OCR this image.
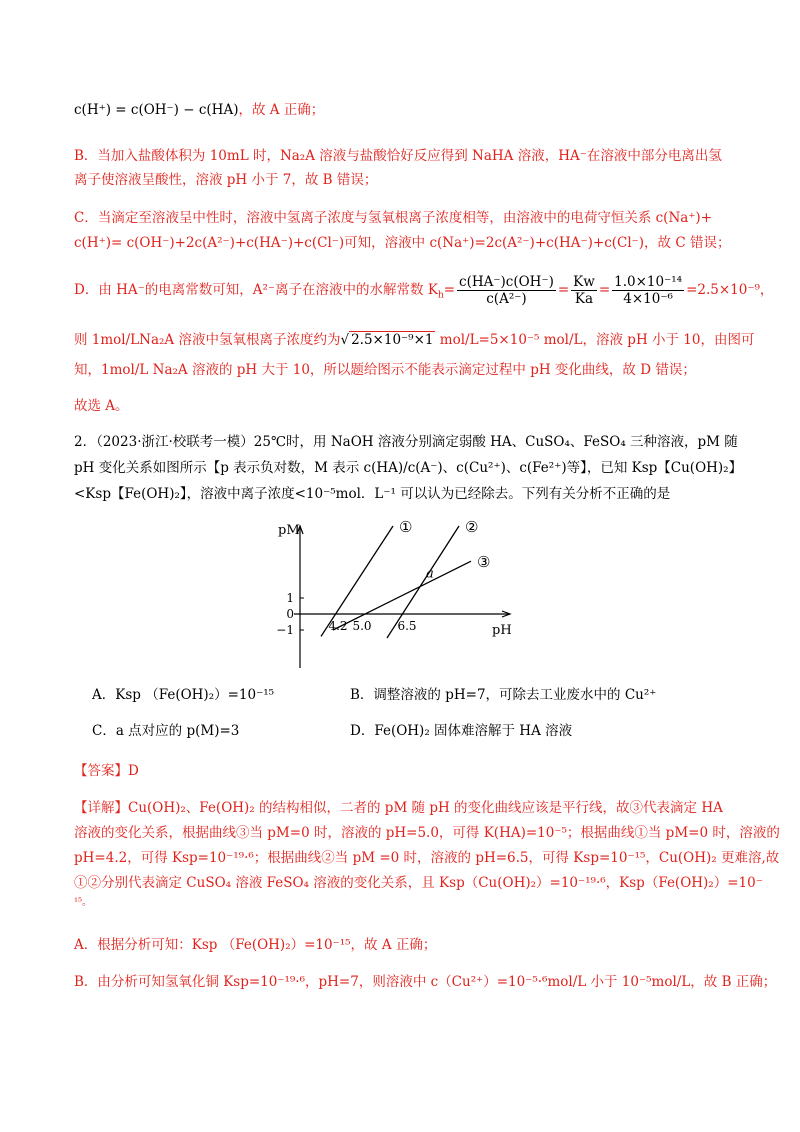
c(H⁺) = c(OH⁻) − c(HA)，故 A 正确；
B．当加入盐酸体积为 10mL 时，Na₂A 溶液与盐酸恰好反应得到 NaHA 溶液，HA⁻在溶液中部分电离出氢
离子使溶液呈酸性，溶液 pH 小于 7，故 B 错误；
C．当滴定至溶液呈中性时，溶液中氢离子浓度与氢氧根离子浓度相等，由溶液中的电荷守恒关系 c(Na⁺)+
c(H⁺)= c(OH⁻)+2c(A²⁻)+c(HA⁻)+c(Cl⁻)可知，溶液中 c(Na⁺)=2c(A²⁻)+c(HA⁻)+c(Cl⁻)，故 C 错误；
D．由 HA⁻的电离常数可知，A²⁻离子在溶液中的水解常数 $K_h= \frac{c(HA^-)c(OH^-)}{\text{c(A²⁻)}} = \frac{Kw}{Ka} = \frac{\text{1.0×10⁻¹⁴}}{\text{4×10⁻⁶}} =2.5\times 10^{-9}$，
则 1mol/LNa₂A 溶液中氢氧根离子浓度约为√ 2.5×10⁻⁹×1 mol/L=5×10⁻⁵ mol/L，溶液 pH 小于 10，由图可
知，1mol/L Na₂A 溶液的 pH 大于 10，所以题给图示不能表示滴定过程中 pH 变化曲线，故 D 错误；
故选 A。
2．（2023·浙江·校联考一模）25℃时，用 NaOH 溶液分别滴定弱酸 HA、CuSO₄、FeSO₄ 三种溶液，pM 随
pH 变化关系如图所示【p 表示负对数，M 表示 c(HA)/c(A⁻)、c(Cu²⁺)、c(Fe²⁺)等】，已知 Ksp【Cu(OH)₂】
<Ksp【Fe(OH)₂】，溶液中离子浓度<10⁻⁵mol．L⁻¹ 可以认为已经除去。下列有关分析不正确的是
pM
pH
1
0
−1	4.2 5.0 6.5
①	②
③
a
A．Ksp （Fe(OH)₂）=10⁻¹⁵	B．调整溶液的 pH=7，可除去工业废水中的 Cu²⁺
C．a 点对应的 p(M)=3	D．Fe(OH)₂ 固体难溶解于 HA 溶液
【答案】D
【详解】Cu(OH)₂、Fe(OH)₂ 的结构相似，二者的 pM 随 pH 的变化曲线应该是平行线，故③代表滴定 HA
溶液的变化关系，根据曲线③当 pM=0 时，溶液的 pH=5.0，可得 K(HA)=10⁻⁵；根据曲线①当 pM=0 时，溶液的
pH=4.2，可得 Ksp=10⁻¹⁹·⁶；根据曲线②当 pM =0 时，溶液的 pH=6.5，可得 Ksp=10⁻¹⁵，Cu(OH)₂ 更难溶,故
①②分别代表滴定 CuSO₄ 溶液 FeSO₄ 溶液的变化关系，且 Ksp（Cu(OH)₂）=10⁻¹⁹·⁶，Ksp（Fe(OH)₂）=10⁻
¹⁵。
A．根据分析可知：Ksp （Fe(OH)₂）=10⁻¹⁵，故 A 正确；
B．由分析可知氢氧化铜 Ksp=10⁻¹⁹·⁶，pH=7，则溶液中 c（Cu²⁺）=10⁻⁵·⁶mol/L 小于 10⁻⁵mol/L，故 B 正确；
